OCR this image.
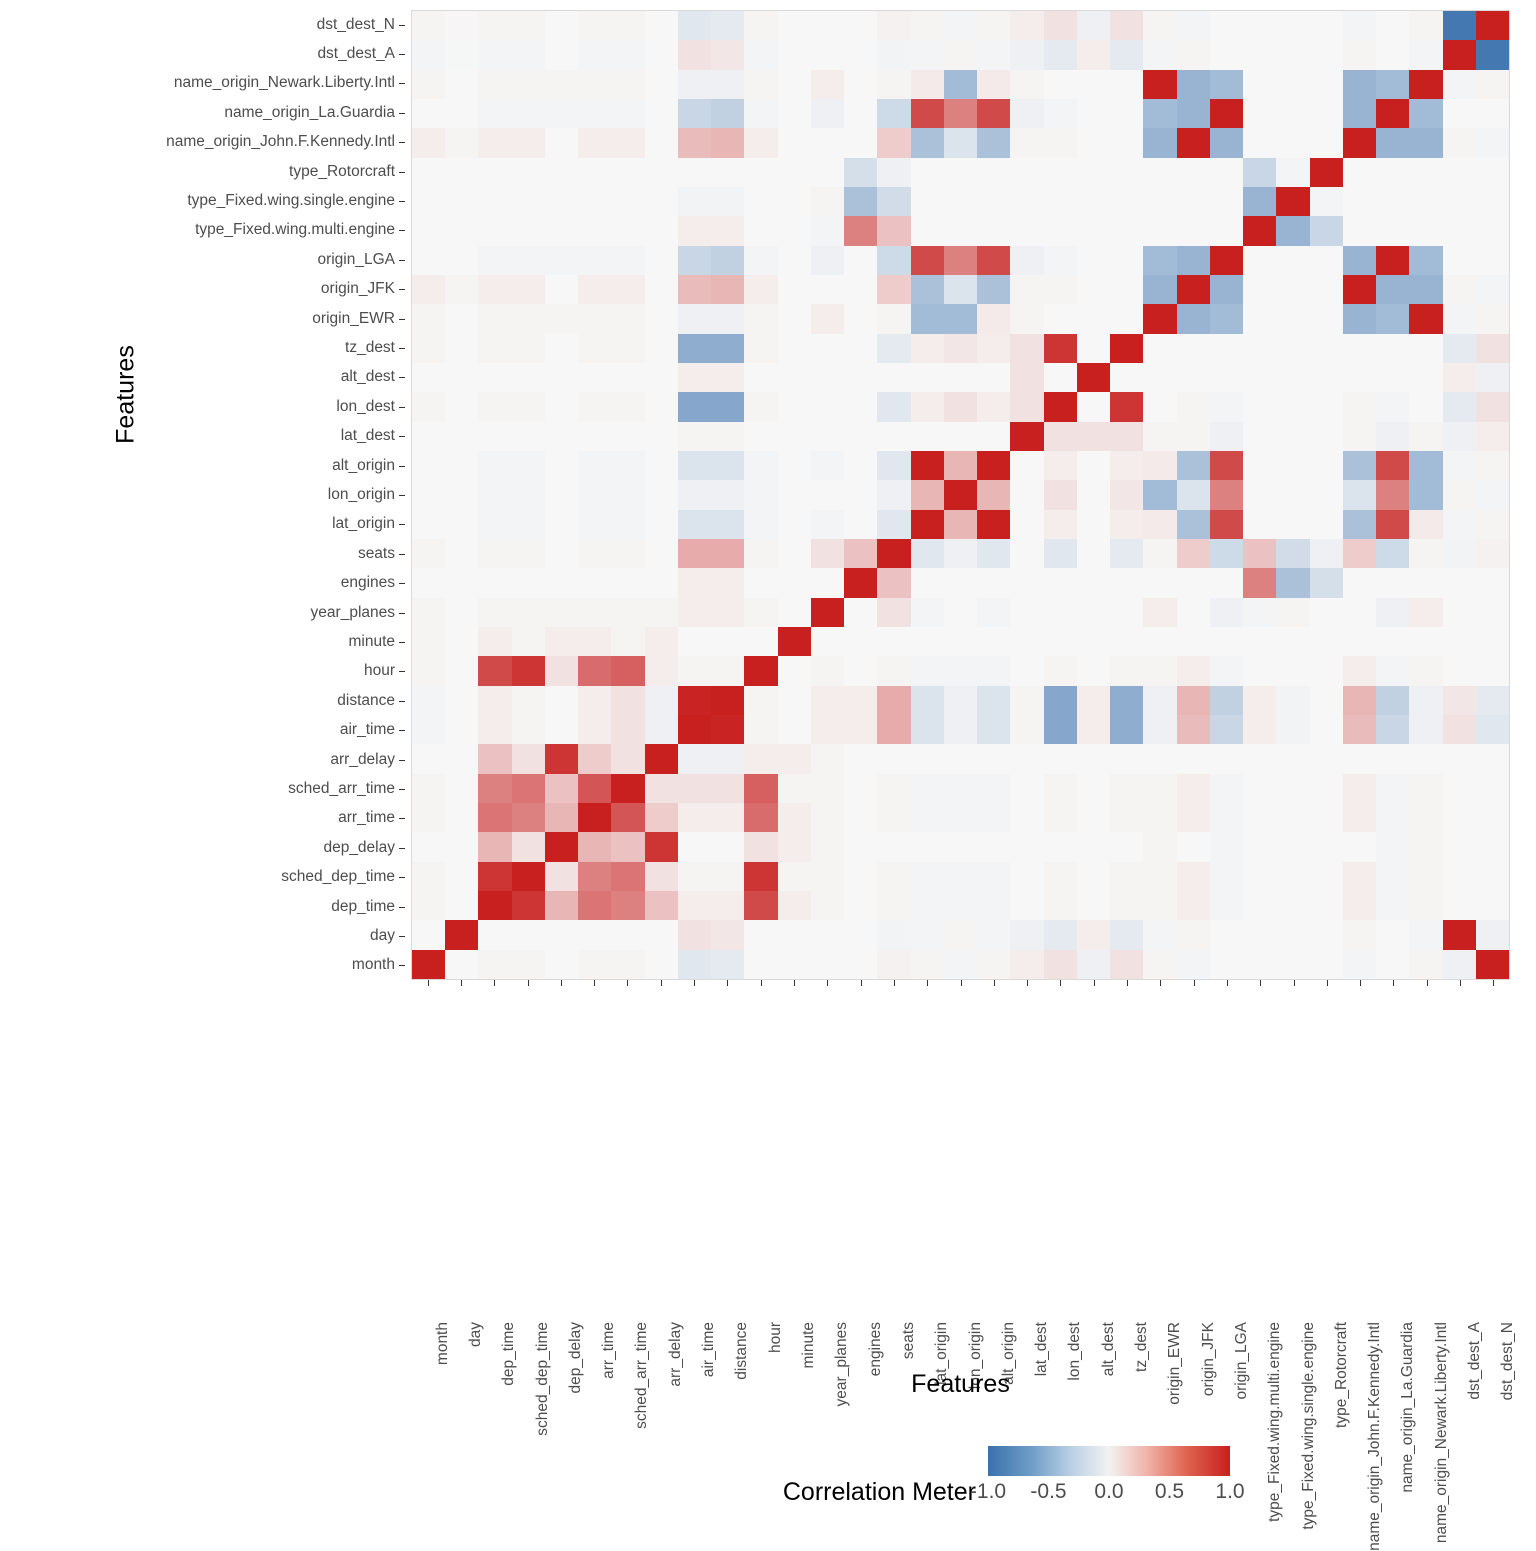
Features
dst_dest_N
dst_dest_A
name_origin_Newark.Liberty.Intl
name_origin_La.Guardia
name_origin_John.F.Kennedy.Intl
type_Rotorcraft
type_Fixed.wing.single.engine
type_Fixed.wing.multi.engine
origin_LGA
origin_JFK
origin_EWR
tz_dest
alt_dest
lon_dest
lat_dest
alt_origin
lon_origin
lat_origin
seats
engines
year_planes
minute
hour
distance
air_time
arr_delay
sched_arr_time
arr_time
dep_delay
sched_dep_time
dep_time
day
month
month day dep_time sched_dep_time dep_delay arr_time sched_arr_time arr_delay air_time distance hour minute year_planes engines seats lat_origin lon_origin alt_origin lat_dest lon_dest alt_dest tz_dest origin_EWR origin_JFK origin_LGA type_Fixed.wing.multi.engine type_Fixed.wing.single.engine type_Rotorcraft name_origin_John.F.Kennedy.Intl name_origin_La.Guardia name_origin_Newark.Liberty.Intl dst_dest_A dst_dest_N
Features
Correlation Meter
-1.0	-0.5	0.0	0.5	1.0
